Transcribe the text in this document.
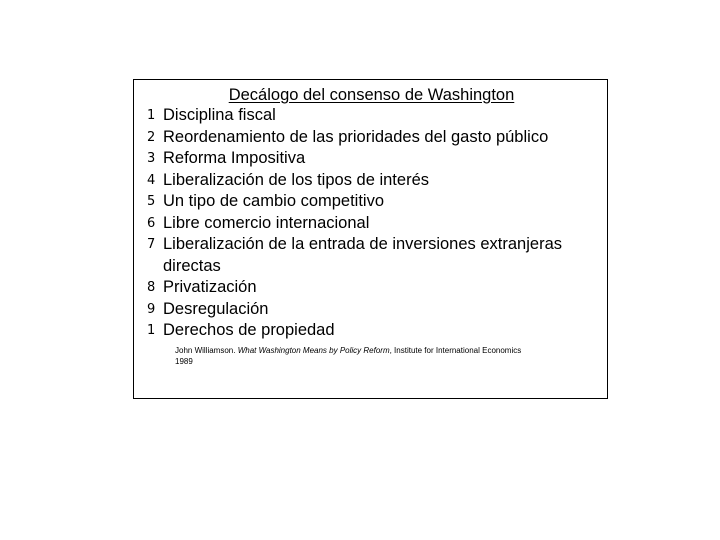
Decálogo del consenso de Washington
1 Disciplina fiscal
2 Reordenamiento de las prioridades del gasto público
3 Reforma Impositiva
4 Liberalización de los tipos de interés
5 Un tipo de cambio competitivo
6 Libre comercio internacional
7 Liberalización de la entrada de inversiones extranjeras directas
8 Privatización
9 Desregulación
1 Derechos de propiedad
John Williamson. What Washington Means by Policy Reform, Institute for International Economics
1989
